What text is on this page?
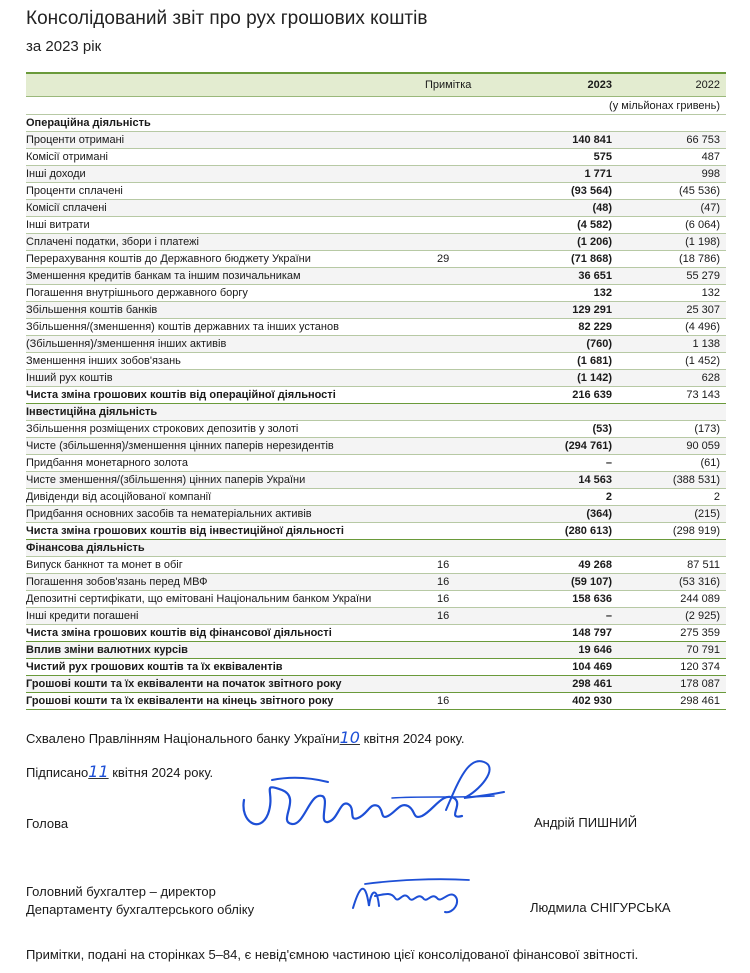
Консолідований звіт про рух грошових коштів
за 2023 рік
Примітка	2023	2022
(у мільйонах гривень)
Операційна діяльність
Проценти отримані	140 841	66 753
Комісії отримані	575	487
Інші доходи	1 771	998
Проценти сплачені	(93 564)	(45 536)
Комісії сплачені	(48)	(47)
Інші витрати	(4 582)	(6 064)
Сплачені податки, збори і платежі	(1 206)	(1 198)
Перерахування коштів до Державного бюджету України	29	(71 868)	(18 786)
Зменшення кредитів банкам та іншим позичальникам	36 651	55 279
Погашення внутрішнього державного боргу	132	132
Збільшення коштів банків	129 291	25 307
Збільшення/(зменшення) коштів державних та інших установ	82 229	(4 496)
(Збільшення)/зменшення інших активів	(760)	1 138
Зменшення інших зобов'язань	(1 681)	(1 452)
Інший рух коштів	(1 142)	628
Чиста зміна грошових коштів від операційної діяльності	216 639	73 143
Інвестиційна діяльність
Збільшення розміщених строкових депозитів у золоті	(53)	(173)
Чисте (збільшення)/зменшення цінних паперів нерезидентів	(294 761)	90 059
Придбання монетарного золота	–	(61)
Чисте зменшення/(збільшення) цінних паперів України	14 563	(388 531)
Дивіденди від асоційованої компанії	2	2
Придбання основних засобів та нематеріальних активів	(364)	(215)
Чиста зміна грошових коштів від інвестиційної діяльності	(280 613)	(298 919)
Фінансова діяльність
Випуск банкнот та монет в обіг	16	49 268	87 511
Погашення зобов'язань перед МВФ	16	(59 107)	(53 316)
Депозитні сертифікати, що емітовані Національним банком України	16	158 636	244 089
Інші кредити погашені	16	–	(2 925)
Чиста зміна грошових коштів від фінансової діяльності	148 797	275 359
Вплив зміни валютних курсів	19 646	70 791
Чистий рух грошових коштів та їх еквівалентів	104 469	120 374
Грошові кошти та їх еквіваленти на початок звітного року	298 461	178 087
Грошові кошти та їх еквіваленти на кінець звітного року	16	402 930	298 461
Схвалено Правлінням Національного банку України10 квітня 2024 року.
Підписано11 квітня 2024 року.
Голова	Андрій ПИШНИЙ
Головний бухгалтер – директор
Департаменту бухгалтерського обліку	Людмила СНІГУРСЬКА
Примітки, подані на сторінках 5–84, є невід'ємною частиною цієї консолідованої фінансової звітності.
